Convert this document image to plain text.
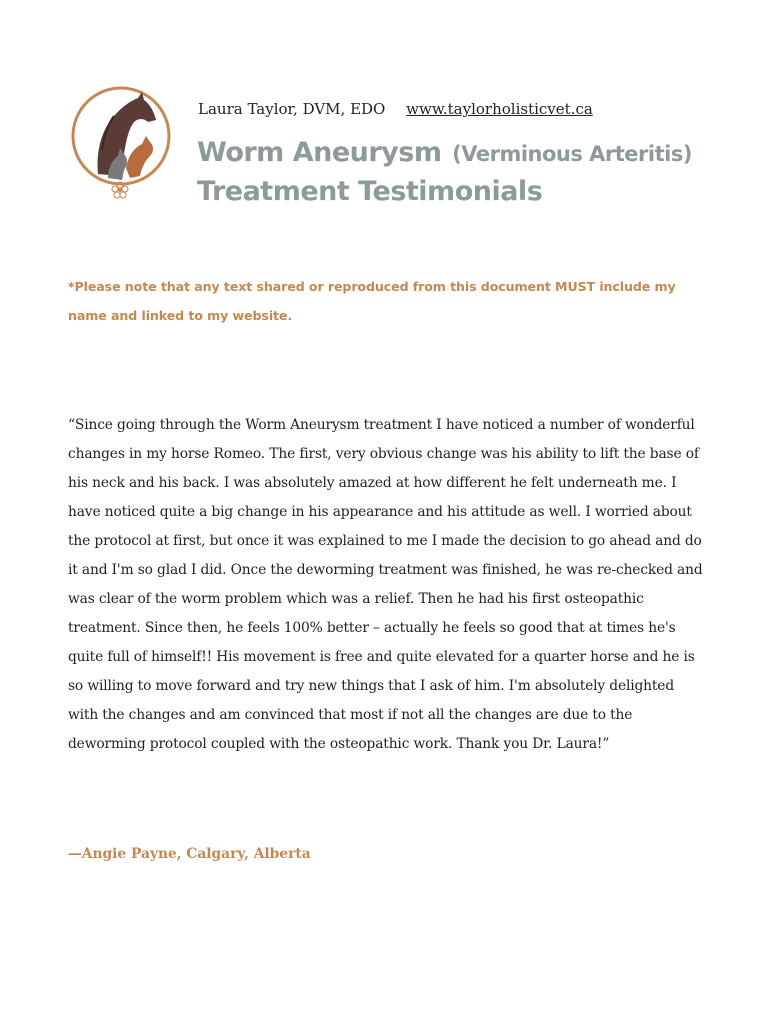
Laura Taylor, DVM, EDO www.taylorholisticvet.ca
Worm Aneurysm (Verminous Arteritis)
Treatment Testimonials

*Please note that any text shared or reproduced from this document MUST include my name and linked to my website.

“Since going through the Worm Aneurysm treatment I have noticed a number of wonderful changes in my horse Romeo. The first, very obvious change was his ability to lift the base of his neck and his back. I was absolutely amazed at how different he felt underneath me. I have noticed quite a big change in his appearance and his attitude as well. I worried about the protocol at first, but once it was explained to me I made the decision to go ahead and do it and I'm so glad I did. Once the deworming treatment was finished, he was re-checked and was clear of the worm problem which was a relief. Then he had his first osteopathic treatment. Since then, he feels 100% better – actually he feels so good that at times he's quite full of himself!! His movement is free and quite elevated for a quarter horse and he is so willing to move forward and try new things that I ask of him. I'm absolutely delighted with the changes and am convinced that most if not all the changes are due to the deworming protocol coupled with the osteopathic work. Thank you Dr. Laura!”

—Angie Payne, Calgary, Alberta
